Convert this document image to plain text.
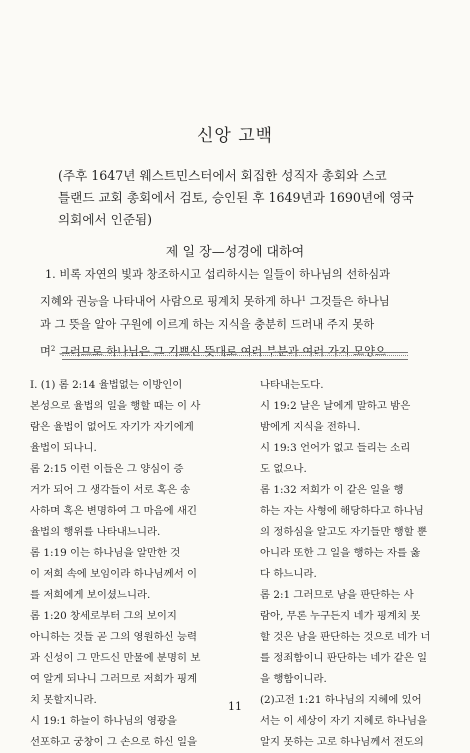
신앙 고백
(주후 1647년 웨스트민스터에서 회집한 성직자 총회와 스코
틀랜드 교회 총회에서 검토, 승인된 후 1649년과 1690년에 영국
의회에서 인준됨)
제 일 장—성경에 대하여
1. 비록 자연의 빛과 창조하시고 섭리하시는 일들이 하나님의 선하심과
지혜와 권능을 나타내어 사람으로 핑계치 못하게 하나$^1$ 그것들은 하나님
과 그 뜻을 알아 구원에 이르게 하는 지식을 충분히 드러내 주지 못하
며$^2$ 그러므로 하나님은 그 기쁘신 뜻대로 여러 부분과 여러 가지 모양으
I. (1) 롬 2:14 율법없는 이방인이
본성으로 율법의 일을 행할 때는 이 사
람은 율법이 없어도 자기가 자기에게
율법이 되나니.
롬 2:15 이런 이들은 그 양심이 증
거가 되어 그 생각들이 서로 혹은 송
사하며 혹은 변명하여 그 마음에 새긴
율법의 행위를 나타내느니라.
롬 1:19 이는 하나님을 알만한 것
이 저희 속에 보임이라 하나님께서 이
를 저희에게 보이셨느니라.
롬 1:20 창세로부터 그의 보이지
아니하는 것들 곧 그의 영원하신 능력
과 신성이 그 만드신 만물에 분명히 보
여 알게 되나니 그러므로 저희가 핑계
치 못할지니라.
시 19:1 하늘이 하나님의 영광을
선포하고 궁창이 그 손으로 하신 일을
나타내는도다.
시 19:2 날은 날에게 말하고 밤은
밤에게 지식을 전하니.
시 19:3 언어가 없고 들리는 소리
도 없으나.
롬 1:32 저희가 이 같은 일을 행
하는 자는 사형에 해당하다고 하나님
의 정하심을 알고도 자기들만 행할 뿐
아니라 또한 그 일을 행하는 자를 옳
다 하느니라.
롬 2:1 그러므로 남을 판단하는 사
람아, 무론 누구든지 네가 핑계치 못
할 것은 남을 판단하는 것으로 네가 너
를 정죄함이니 판단하는 네가 같은 일
을 행함이니라.
(2)고전 1:21 하나님의 지혜에 있어
서는 이 세상이 자기 지혜로 하나님을
알지 못하는 고로 하나님께서 전도의
11
